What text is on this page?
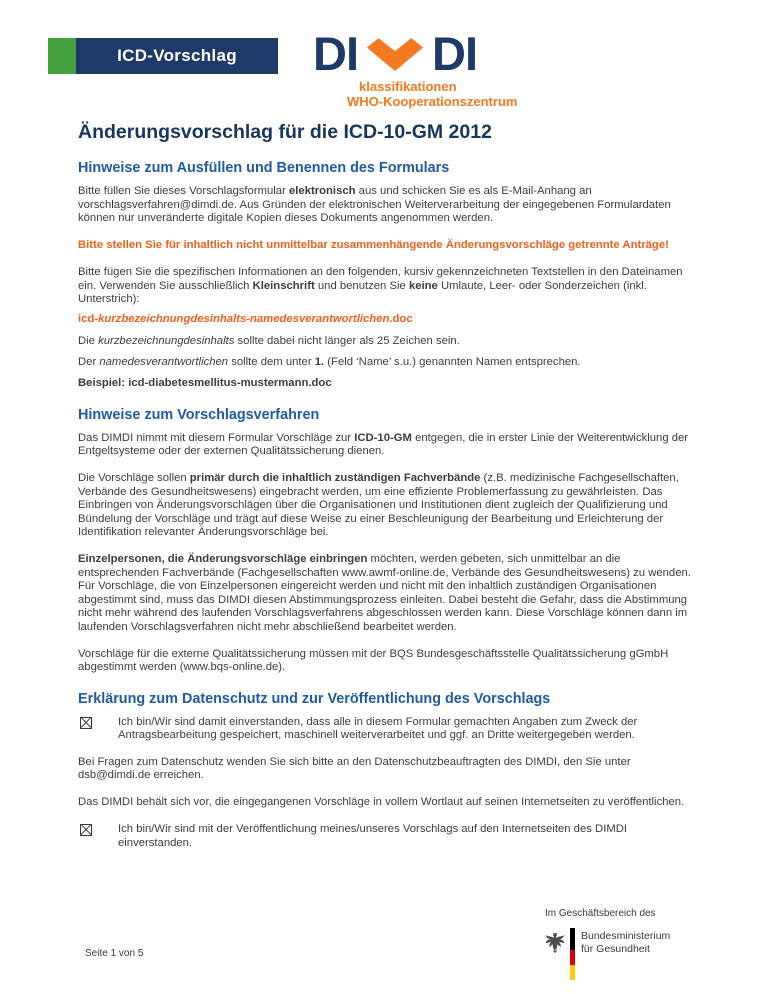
ICD-Vorschlag DI DI
klassifikationen
WHO-Kooperationszentrum
Änderungsvorschlag für die ICD-10-GM 2012
Hinweise zum Ausfüllen und Benennen des Formulars

Bitte füllen Sie dieses Vorschlagsformular elektronisch aus und schicken Sie es als E-Mail-Anhang an vorschlagsverfahren@dimdi.de. Aus Gründen der elektronischen Weiterverarbeitung der eingegebenen Formulardaten können nur unveränderte digitale Kopien dieses Dokuments angenommen werden.

Bitte stellen Sie für inhaltlich nicht unmittelbar zusammenhängende Änderungsvorschläge getrennte Anträge!

Bitte fügen Sie die spezifischen Informationen an den folgenden, kursiv gekennzeichneten Textstellen in den Dateinamen ein. Verwenden Sie ausschließlich Kleinschrift und benutzen Sie keine Umlaute, Leer- oder Sonderzeichen (inkl. Unterstrich):

icd-kurzbezeichnungdesinhalts-namedesverantwortlichen.doc

Die kurzbezeichnungdesinhalts sollte dabei nicht länger als 25 Zeichen sein.

Der namedesverantwortlichen sollte dem unter 1. (Feld ‘Name’ s.u.) genannten Namen entsprechen.

Beispiel: icd-diabetesmellitus-mustermann.doc

Hinweise zum Vorschlagsverfahren

Das DIMDI nimmt mit diesem Formular Vorschläge zur ICD-10-GM entgegen, die in erster Linie der Weiterentwicklung der Entgeltsysteme oder der externen Qualitätssicherung dienen.

Die Vorschläge sollen primär durch die inhaltlich zuständigen Fachverbände (z.B. medizinische Fachgesellschaften, Verbände des Gesundheitswesens) eingebracht werden, um eine effiziente Problemerfassung zu gewährleisten. Das Einbringen von Änderungsvorschlägen über die Organisationen und Institutionen dient zugleich der Qualifizierung und Bündelung der Vorschläge und trägt auf diese Weise zu einer Beschleunigung der Bearbeitung und Erleichterung der Identifikation relevanter Änderungsvorschläge bei.

Einzelpersonen, die Änderungsvorschläge einbringen möchten, werden gebeten, sich unmittelbar an die entsprechenden Fachverbände (Fachgesellschaften www.awmf-online.de, Verbände des Gesundheitswesens) zu wenden. Für Vorschläge, die von Einzelpersonen eingereicht werden und nicht mit den inhaltlich zuständigen Organisationen abgestimmt sind, muss das DIMDI diesen Abstimmungsprozess einleiten. Dabei besteht die Gefahr, dass die Abstimmung nicht mehr während des laufenden Vorschlagsverfahrens abgeschlossen werden kann. Diese Vorschläge können dann im laufenden Vorschlagsverfahren nicht mehr abschließend bearbeitet werden.

Vorschläge für die externe Qualitätssicherung müssen mit der BQS Bundesgeschäftsstelle Qualitätssicherung gGmbH abgestimmt werden (www.bqs-online.de).

Erklärung zum Datenschutz und zur Veröffentlichung des Vorschlags
Ich bin/Wir sind damit einverstanden, dass alle in diesem Formular gemachten Angaben zum Zweck der Antragsbearbeitung gespeichert, maschinell weiterverarbeitet und ggf. an Dritte weitergegeben werden.

Bei Fragen zum Datenschutz wenden Sie sich bitte an den Datenschutzbeauftragten des DIMDI, den Sie unter dsb@dimdi.de erreichen.

Das DIMDI behält sich vor, die eingegangenen Vorschläge in vollem Wortlaut auf seinen Internetseiten zu veröffentlichen.

Ich bin/Wir sind mit der Veröffentlichung meines/unseres Vorschlags auf den Internetseiten des DIMDI einverstanden.
Im Geschäftsbereich des
Bundesministerium
für Gesundheit
Seite 1 von 5
